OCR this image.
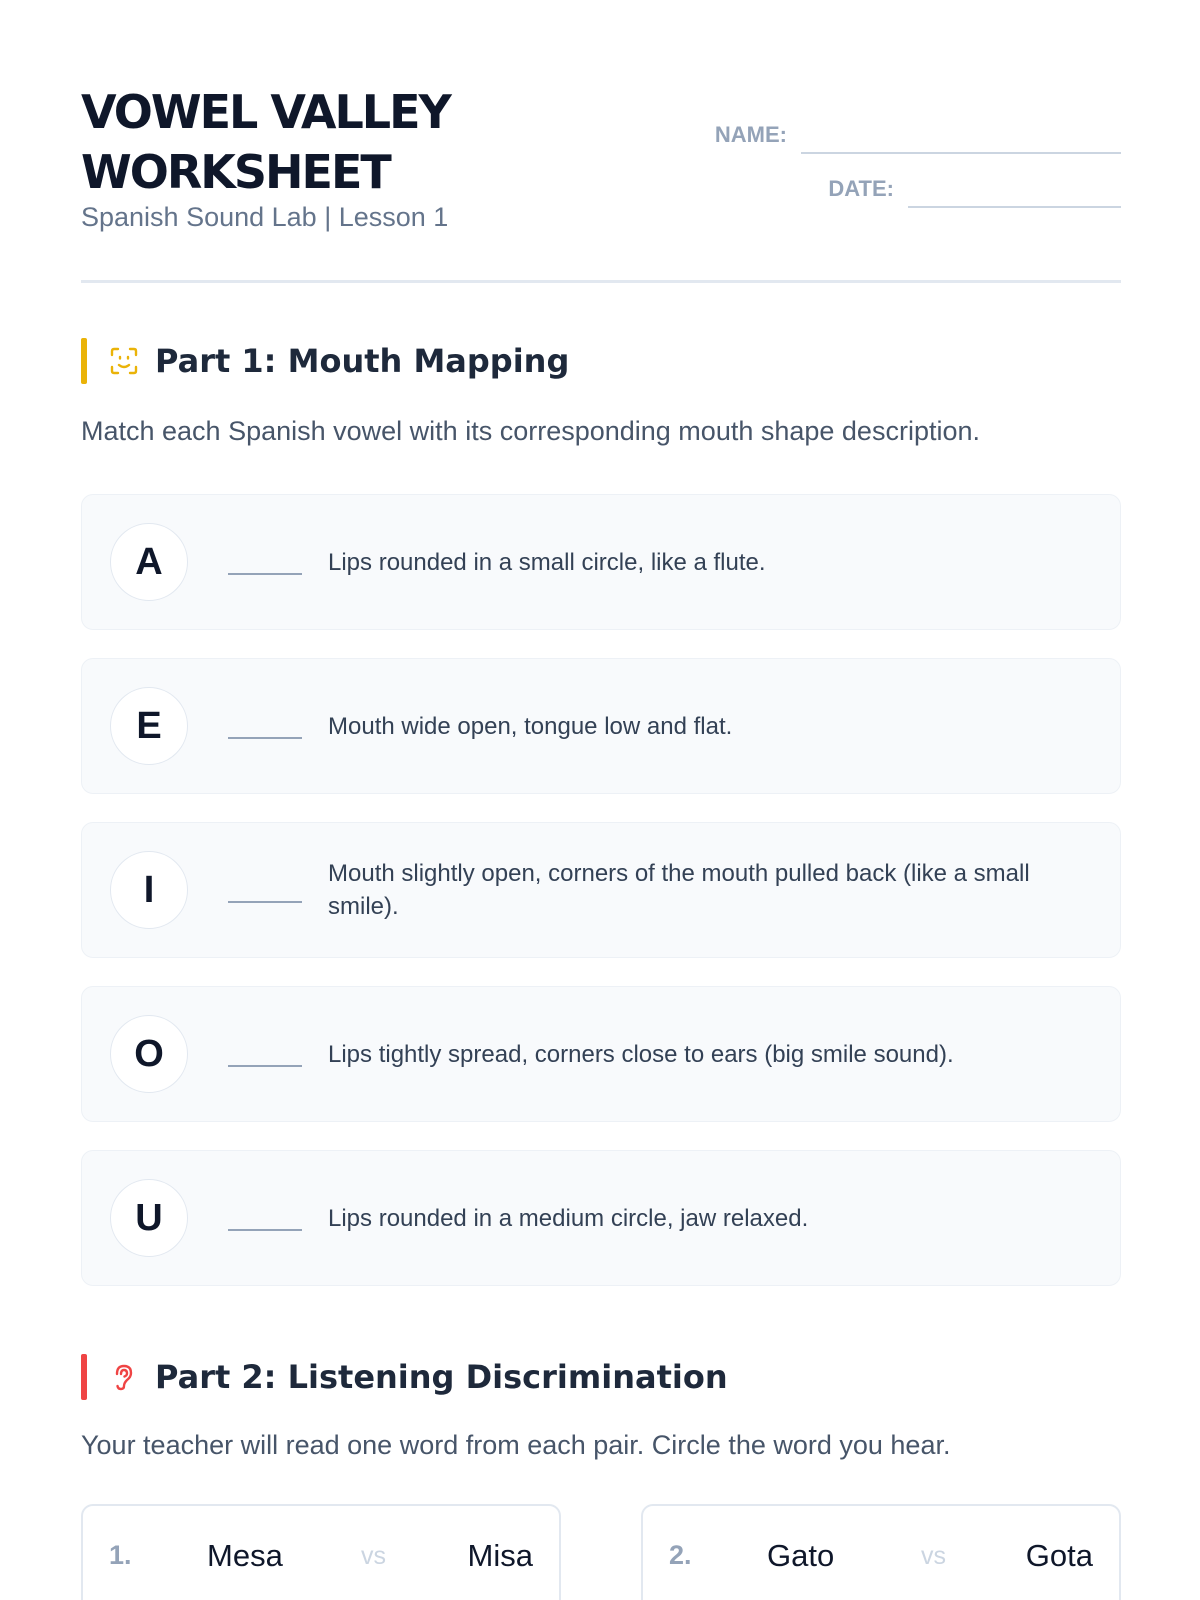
VOWEL VALLEY
WORKSHEET
Spanish Sound Lab | Lesson 1
NAME:
DATE:
Part 1: Mouth Mapping
Match each Spanish vowel with its corresponding mouth shape description.
A	Lips rounded in a small circle, like a flute.
E	Mouth wide open, tongue low and flat.
I	Mouth slightly open, corners of the mouth pulled back (like a small smile).
O	Lips tightly spread, corners close to ears (big smile sound).
U	Lips rounded in a medium circle, jaw relaxed.
Part 2: Listening Discrimination
Your teacher will read one word from each pair. Circle the word you hear.
1. Mesa	vs	Misa	2. Gato	vs	Gota
